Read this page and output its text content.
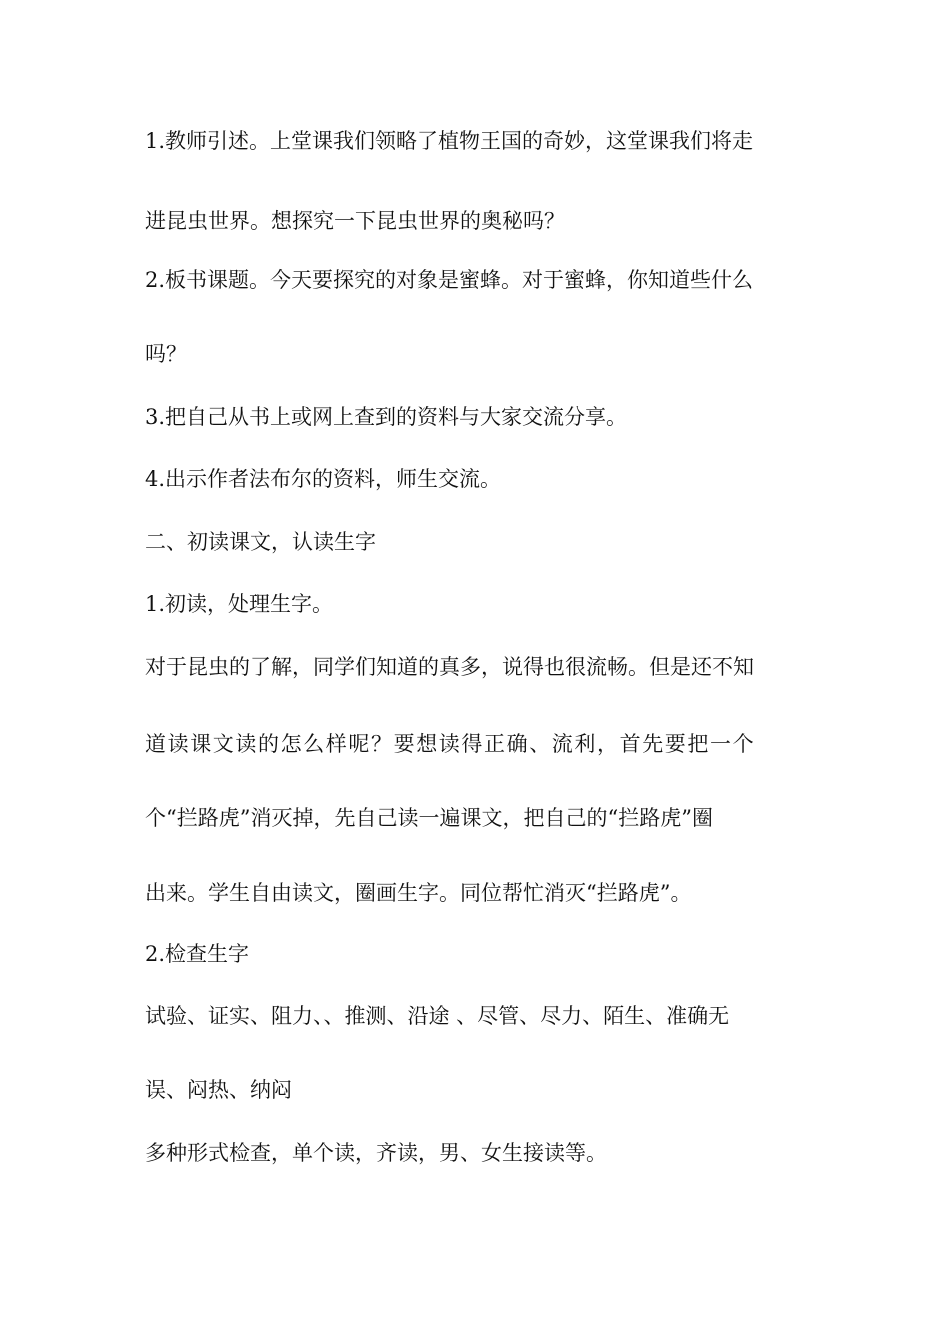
1.教师引述。上堂课我们领略了植物王国的奇妙，这堂课我们将走
进昆虫世界。想探究一下昆虫世界的奥秘吗？
2.板书课题。今天要探究的对象是蜜蜂。对于蜜蜂，你知道些什么
吗？
3.把自己从书上或网上查到的资料与大家交流分享。
4.出示作者法布尔的资料，师生交流。
二、初读课文，认读生字
1.初读，处理生字。
对于昆虫的了解，同学们知道的真多，说得也很流畅。但是还不知
道读课文读的怎么样呢？要想读得正确、流利，首先要把一个
个“拦路虎”消灭掉，先自己读一遍课文，把自己的“拦路虎”圈
出来。学生自由读文，圈画生字。同位帮忙消灭“拦路虎”。
2.检查生字
试验、证实、阻力、、推测、沿途 、尽管、尽力、陌生、准确无
误、闷热、纳闷
多种形式检查，单个读，齐读，男、女生接读等。
